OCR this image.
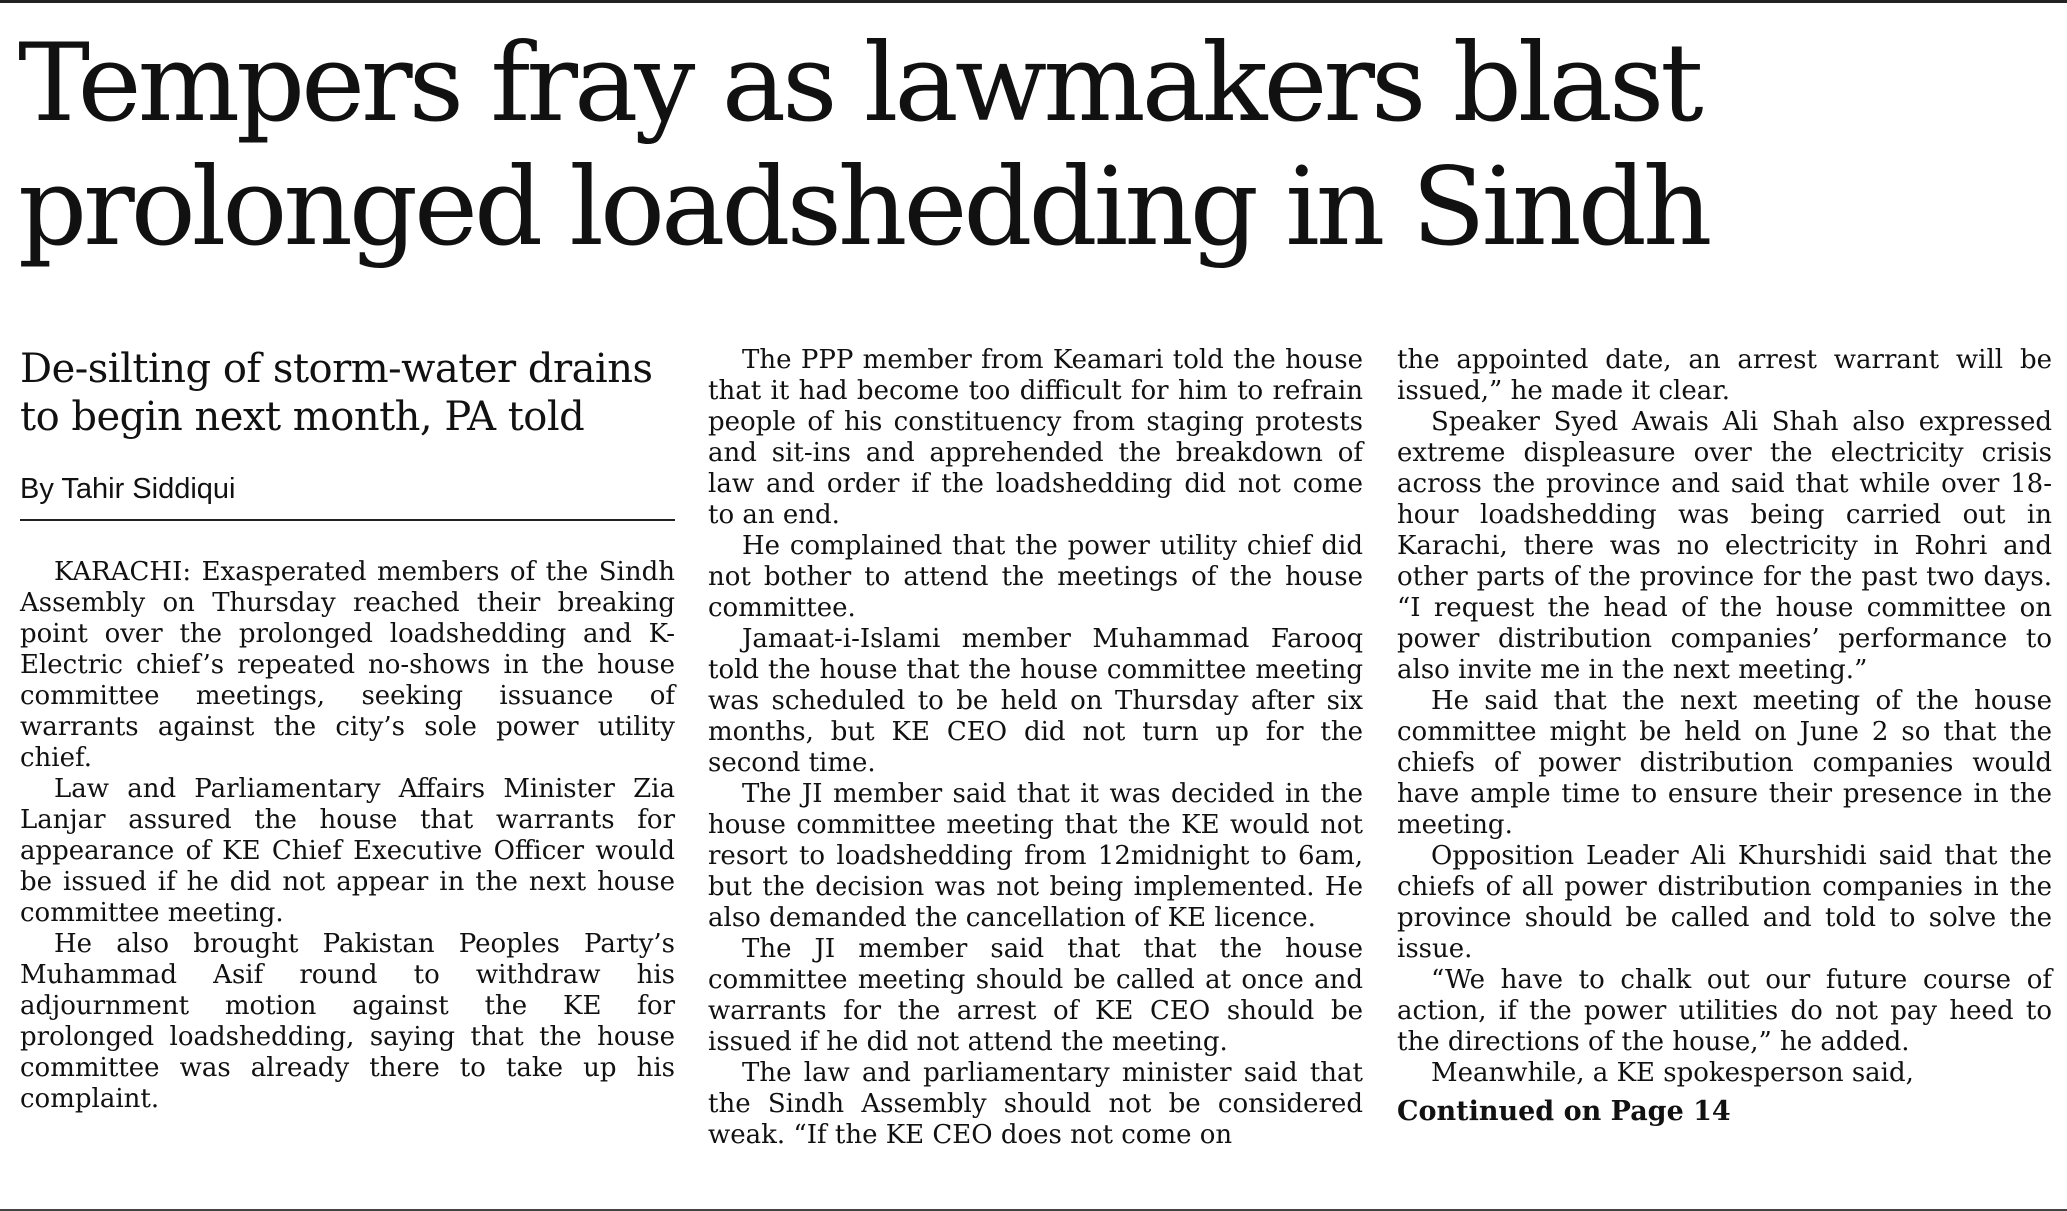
Tempers fray as lawmakers blast prolonged loadshedding in Sindh
De-silting of storm-water drains to begin next month, PA told
By Tahir Siddiqui

KARACHI: Exasperated members of the Sindh Assembly on Thursday reached their breaking point over the prolonged loadshedding and K-Electric chief’s repeated no-shows in the house committee meetings, seeking issuance of warrants against the city’s sole power utility chief.

Law and Parliamentary Affairs Minister Zia Lanjar assured the house that warrants for appearance of KE Chief Executive Officer would be issued if he did not appear in the next house committee meeting.

He also brought Pakistan Peoples Party’s Muhammad Asif round to withdraw his adjournment motion against the KE for prolonged loadshedding, saying that the house committee was already there to take up his complaint.

The PPP member from Keamari told the house that it had become too difficult for him to refrain people of his constituency from staging protests and sit-ins and apprehended the breakdown of law and order if the loadshedding did not come to an end.

He complained that the power utility chief did not bother to attend the meetings of the house committee.

Jamaat-i-Islami member Muhammad Farooq told the house that the house committee meeting was scheduled to be held on Thursday after six months, but KE CEO did not turn up for the second time.

The JI member said that it was decided in the house committee meeting that the KE would not resort to loadshedding from 12midnight to 6am, but the decision was not being implemented. He also demanded the cancellation of KE licence.

The JI member said that that the house committee meeting should be called at once and warrants for the arrest of KE CEO should be issued if he did not attend the meeting.

The law and parliamentary minister said that the Sindh Assembly should not be considered weak. “If the KE CEO does not come on

the appointed date, an arrest warrant will be issued,” he made it clear.

Speaker Syed Awais Ali Shah also expressed extreme displeasure over the electricity crisis across the province and said that while over 18-hour loadshedding was being carried out in Karachi, there was no electricity in Rohri and other parts of the province for the past two days. “I request the head of the house committee on power distribution companies’ performance to also invite me in the next meeting.”

He said that the next meeting of the house committee might be held on June 2 so that the chiefs of power distribution companies would have ample time to ensure their presence in the meeting.

Opposition Leader Ali Khurshidi said that the chiefs of all power distribution companies in the province should be called and told to solve the issue.

“We have to chalk out our future course of action, if the power utilities do not pay heed to the directions of the house,” he added.

Meanwhile, a KE spokesperson said,

Continued on Page 14
